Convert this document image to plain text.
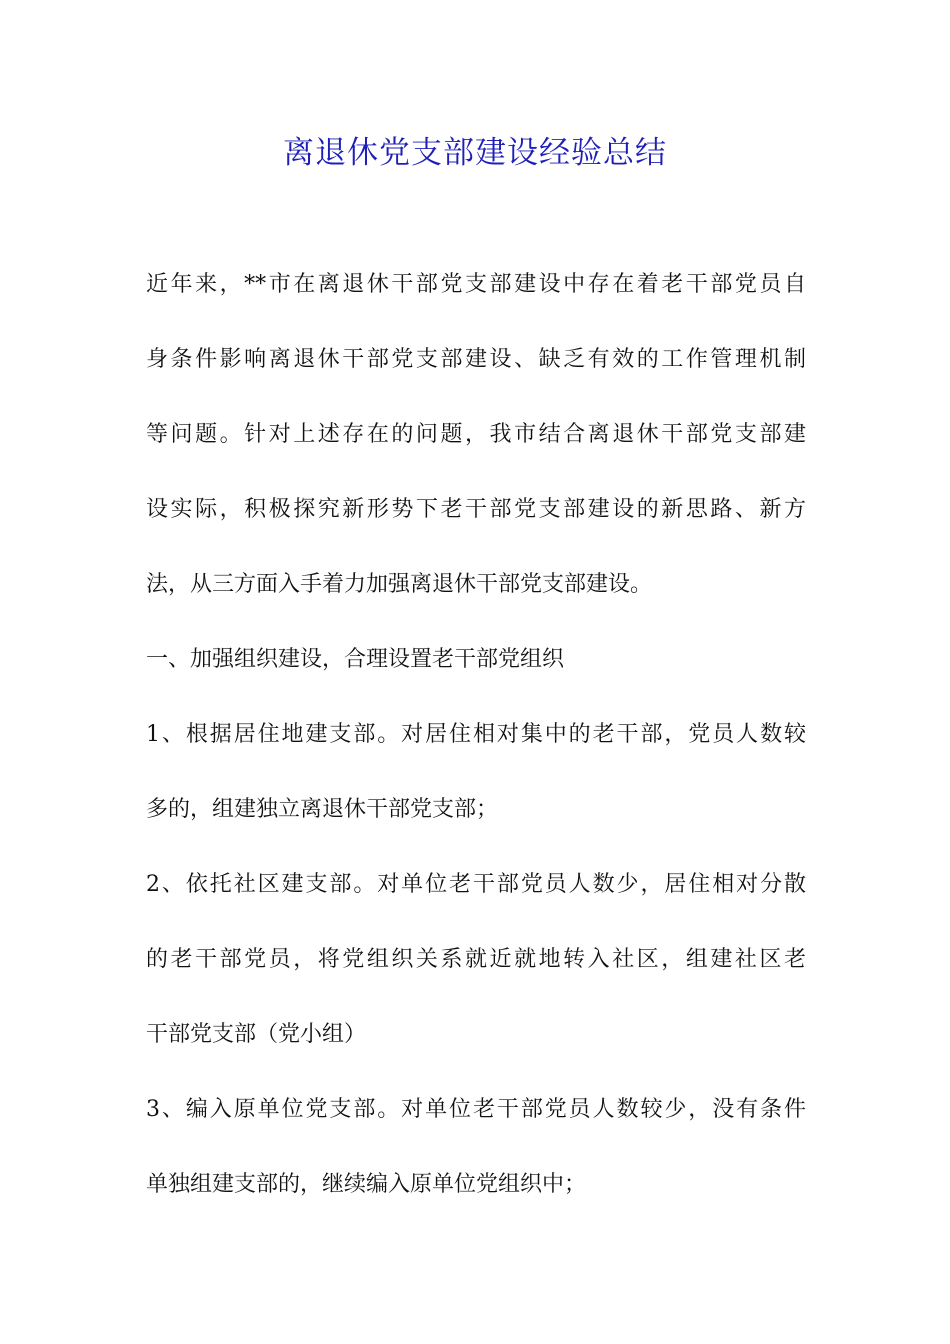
离退休党支部建设经验总结

近年来，**市在离退休干部党支部建设中存在着老干部党员自

身条件影响离退休干部党支部建设、缺乏有效的工作管理机制

等问题。针对上述存在的问题，我市结合离退休干部党支部建

设实际，积极探究新形势下老干部党支部建设的新思路、新方

法，从三方面入手着力加强离退休干部党支部建设。

一、加强组织建设，合理设置老干部党组织

1、根据居住地建支部。对居住相对集中的老干部，党员人数较

多的，组建独立离退休干部党支部；

2、依托社区建支部。对单位老干部党员人数少，居住相对分散

的老干部党员，将党组织关系就近就地转入社区，组建社区老

干部党支部（党小组）

3、编入原单位党支部。对单位老干部党员人数较少，没有条件

单独组建支部的，继续编入原单位党组织中；
